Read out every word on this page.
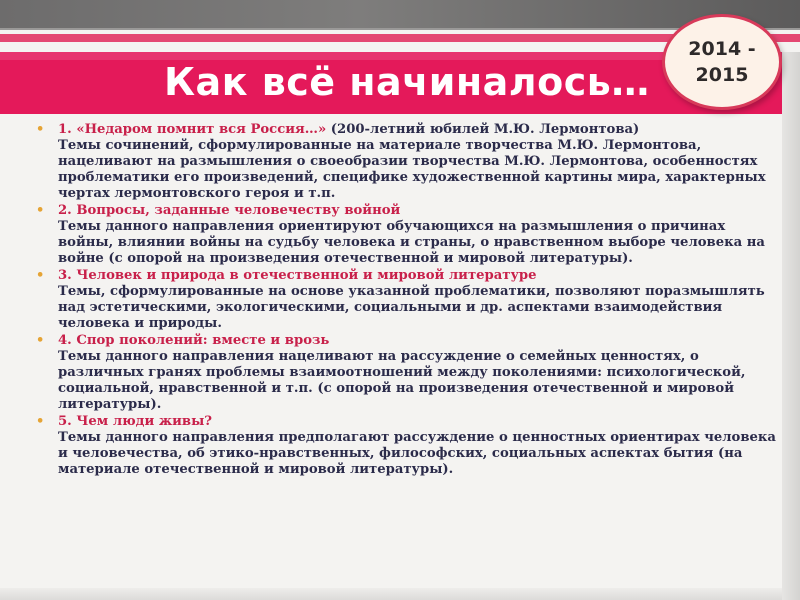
Как всё начиналось…
2014 - 2015
•	1. «Недаром помнит вся Россия…» (200-летний юбилей М.Ю. Лермонтова)
Темы сочинений, сформулированные на материале творчества М.Ю. Лермонтова, нацеливают на размышления о своеобразии творчества М.Ю. Лермонтова, особенностях проблематики его произведений, специфике художественной картины мира, характерных чертах лермонтовского героя и т.п.
•	2. Вопросы, заданные человечеству войной
Темы данного направления ориентируют обучающихся на размышления о причинах войны, влиянии войны на судьбу человека и страны, о нравственном выборе человека на войне (с опорой на произведения отечественной и мировой литературы).
•	3. Человек и природа в отечественной и мировой литературе
Темы, сформулированные на основе указанной проблематики, позволяют поразмышлять над эстетическими, экологическими, социальными и др. аспектами взаимодействия человека и природы.
•	4. Спор поколений: вместе и врозь
Темы данного направления нацеливают на рассуждение о семейных ценностях, о различных гранях проблемы взаимоотношений между поколениями: психологической, социальной, нравственной и т.п. (с опорой на произведения отечественной и мировой литературы).
•	5. Чем люди живы?
Темы данного направления предполагают рассуждение о ценностных ориентирах человека и человечества, об этико-нравственных, философских, социальных аспектах бытия (на материале отечественной и мировой литературы).
